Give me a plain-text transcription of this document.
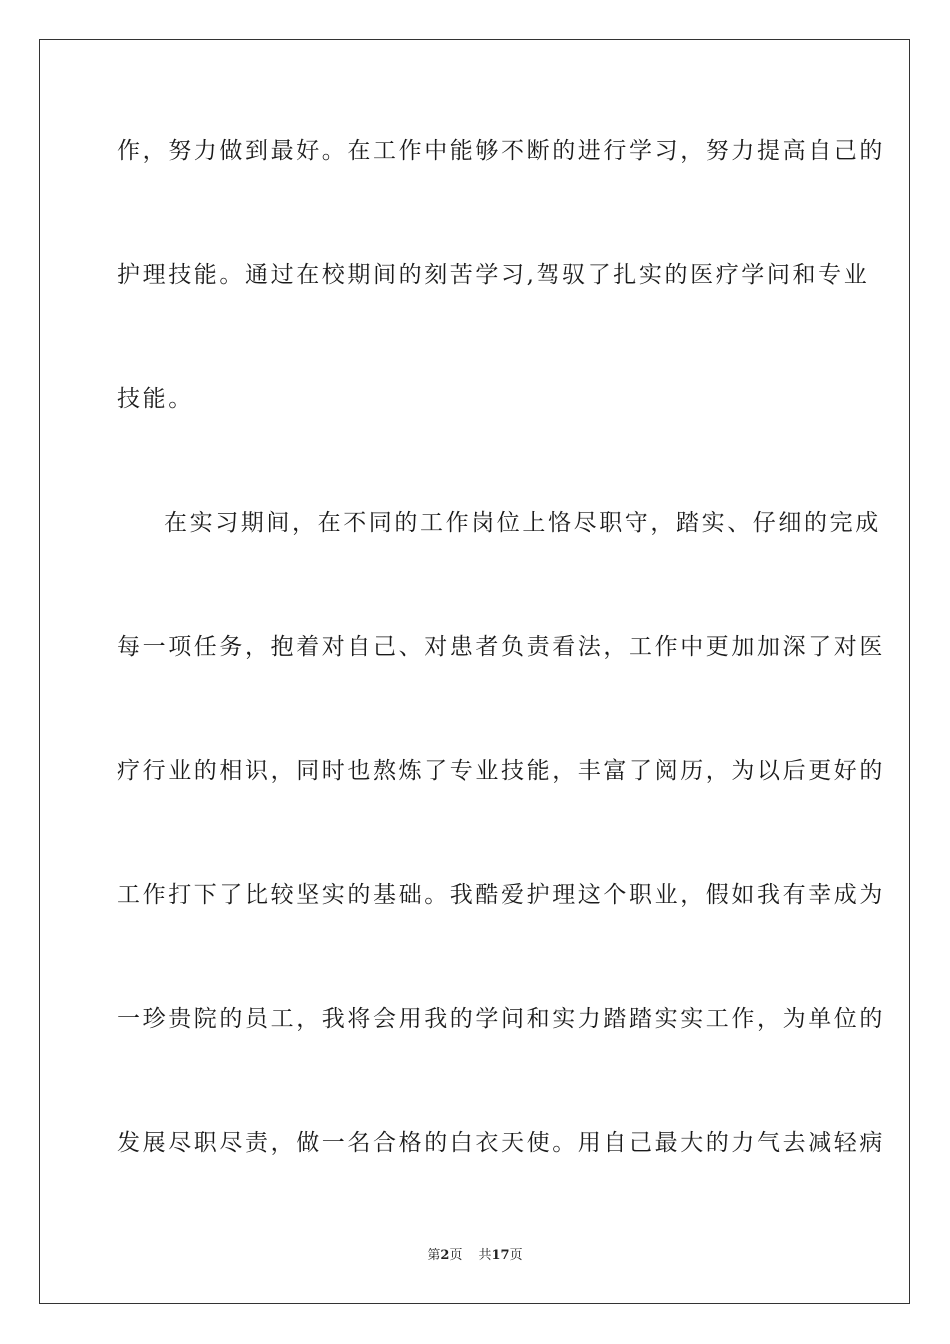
作，努力做到最好。在工作中能够不断的进行学习，努力提高自己的
护理技能。通过在校期间的刻苦学习,驾驭了扎实的医疗学问和专业
技能。
在实习期间，在不同的工作岗位上恪尽职守，踏实、仔细的完成
每一项任务，抱着对自己、对患者负责看法，工作中更加加深了对医
疗行业的相识，同时也熬炼了专业技能，丰富了阅历，为以后更好的
工作打下了比较坚实的基础。我酷爱护理这个职业，假如我有幸成为
一珍贵院的员工，我将会用我的学问和实力踏踏实实工作，为单位的
发展尽职尽责，做一名合格的白衣天使。用自己最大的力气去减轻病
第2页 共17页
